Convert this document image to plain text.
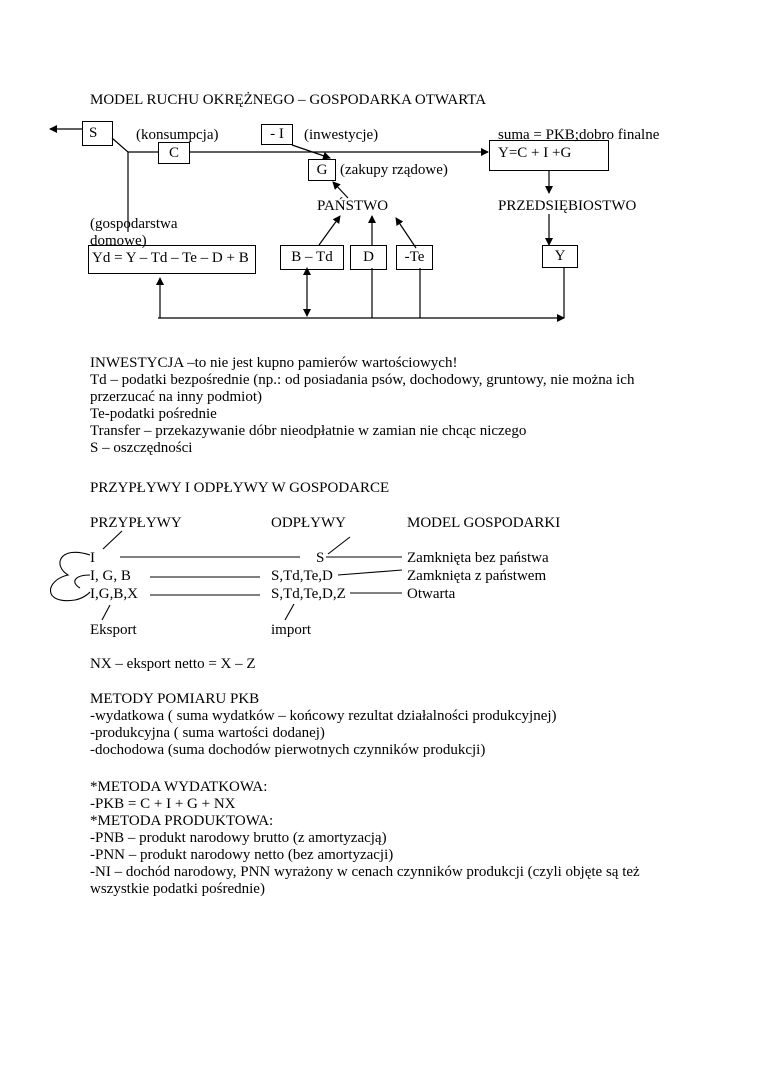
MODEL RUCHU OKRĘŻNEGO – GOSPODARKA OTWARTA
S	(konsumpcja)
C
- I	(inwestycje)
G (zakupy rządowe)
suma = PKB;dobro finalne
Y=C + I +G
PAŃSTWO	PRZEDSIĘBIOSTWO
(gospodarstwa
domowe)
Yd = Y – Td – Te – D + B	B – Td	D	-Te	Y
INWESTYCJA –to nie jest kupno pamierów wartościowych!
Td – podatki bezpośrednie (np.: od posiadania psów, dochodowy, gruntowy, nie można ich
przerzucać na inny podmiot)
Te-podatki pośrednie
Transfer – przekazywanie dóbr nieodpłatnie w zamian nie chcąc niczego
S – oszczędności
PRZYPŁYWY I ODPŁYWY W GOSPODARCE
PRZYPŁYWY	ODPŁYWY	MODEL GOSPODARKI
I	S	Zamknięta bez państwa
I, G, B	S,Td,Te,D	Zamknięta z państwem
I,G,B,X	S,Td,Te,D,Z	Otwarta
Eksport	import
NX – eksport netto = X – Z
METODY POMIARU PKB
-wydatkowa ( suma wydatków – końcowy rezultat działalności produkcyjnej)
-produkcyjna ( suma wartości dodanej)
-dochodowa (suma dochodów pierwotnych czynników produkcji)
*METODA WYDATKOWA:
-PKB = C + I + G + NX
*METODA PRODUKTOWA:
-PNB – produkt narodowy brutto (z amortyzacją)
-PNN – produkt narodowy netto (bez amortyzacji)
-NI – dochód narodowy, PNN wyrażony w cenach czynników produkcji (czyli objęte są też
wszystkie podatki pośrednie)
